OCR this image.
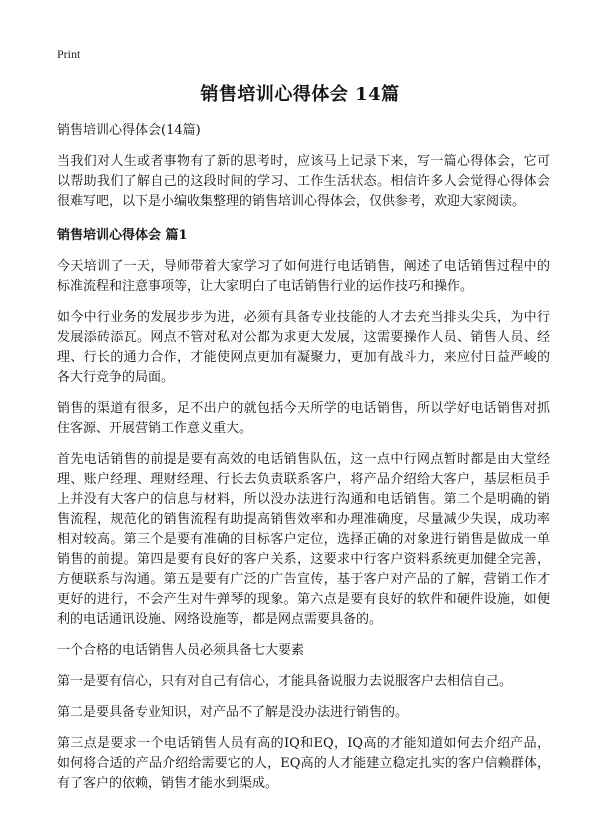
Print
销售培训心得体会 14篇

销售培训心得体会(14篇)

当我们对人生或者事物有了新的思考时，应该马上记录下来，写一篇心得体会，它可以帮助我们了解自己的这段时间的学习、工作生活状态。相信许多人会觉得心得体会很难写吧，以下是小编收集整理的销售培训心得体会，仅供参考，欢迎大家阅读。

销售培训心得体会 篇1

今天培训了一天，导师带着大家学习了如何进行电话销售，阐述了电话销售过程中的标准流程和注意事项等，让大家明白了电话销售行业的运作技巧和操作。

如今中行业务的发展步步为进，必须有具备专业技能的人才去充当排头尖兵，为中行发展添砖添瓦。网点不管对私对公都为求更大发展，这需要操作人员、销售人员、经理、行长的通力合作，才能使网点更加有凝聚力，更加有战斗力，来应付日益严峻的各大行竞争的局面。

销售的渠道有很多，足不出户的就包括今天所学的电话销售，所以学好电话销售对抓住客源、开展营销工作意义重大。

首先电话销售的前提是要有高效的电话销售队伍，这一点中行网点暂时都是由大堂经理、账户经理、理财经理、行长去负责联系客户，将产品介绍给大客户，基层柜员手上并没有大客户的信息与材料，所以没办法进行沟通和电话销售。第二个是明确的销售流程，规范化的销售流程有助提高销售效率和办理准确度，尽量减少失误，成功率相对较高。第三个是要有准确的目标客户定位，选择正确的对象进行销售是做成一单销售的前提。第四是要有良好的客户关系，这要求中行客户资料系统更加健全完善，方便联系与沟通。第五是要有广泛的广告宣传，基于客户对产品的了解，营销工作才更好的进行，不会产生对牛弹琴的现象。第六点是要有良好的软件和硬件设施，如便利的电话通讯设施、网络设施等，都是网点需要具备的。

一个合格的电话销售人员必须具备七大要素

第一是要有信心，只有对自己有信心，才能具备说服力去说服客户去相信自己。

第二是要具备专业知识，对产品不了解是没办法进行销售的。

第三点是要求一个电话销售人员有高的IQ和EQ，IQ高的才能知道如何去介绍产品，如何将合适的产品介绍给需要它的人，EQ高的人才能建立稳定扎实的客户信赖群体，有了客户的依赖，销售才能水到渠成。
